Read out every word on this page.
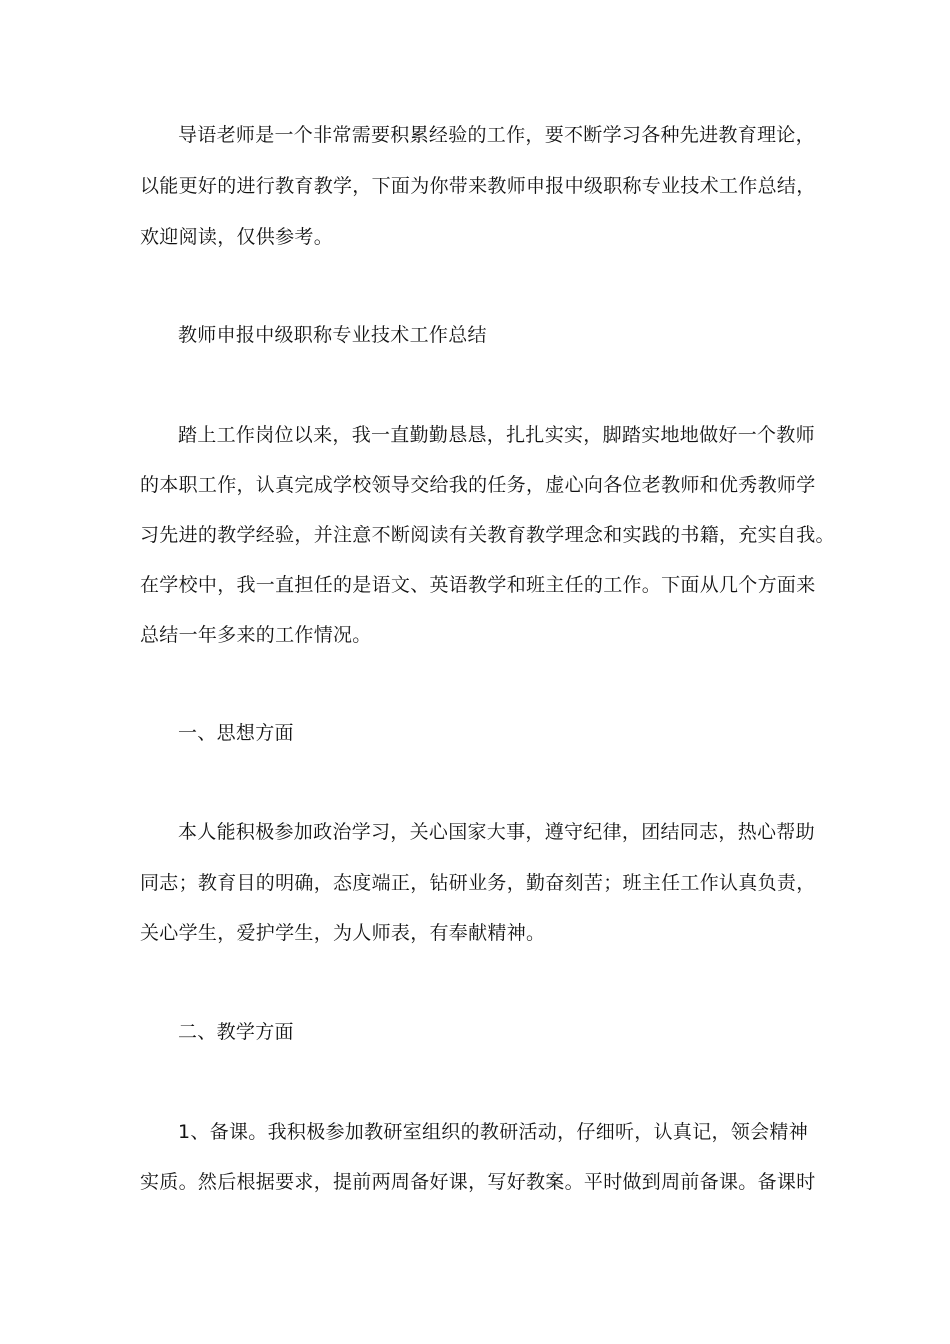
导语老师是一个非常需要积累经验的工作，要不断学习各种先进教育理论，
以能更好的进行教育教学，下面为你带来教师申报中级职称专业技术工作总结，
欢迎阅读，仅供参考。
教师申报中级职称专业技术工作总结
踏上工作岗位以来，我一直勤勤恳恳，扎扎实实，脚踏实地地做好一个教师
的本职工作，认真完成学校领导交给我的任务，虚心向各位老教师和优秀教师学
习先进的教学经验，并注意不断阅读有关教育教学理念和实践的书籍，充实自我。
在学校中，我一直担任的是语文、英语教学和班主任的工作。下面从几个方面来
总结一年多来的工作情况。
一、思想方面
本人能积极参加政治学习，关心国家大事，遵守纪律，团结同志，热心帮助
同志；教育目的明确，态度端正，钻研业务，勤奋刻苦；班主任工作认真负责，
关心学生，爱护学生，为人师表，有奉献精神。
二、教学方面
1、备课。我积极参加教研室组织的教研活动，仔细听，认真记，领会精神
实质。然后根据要求，提前两周备好课，写好教案。平时做到周前备课。备课时
